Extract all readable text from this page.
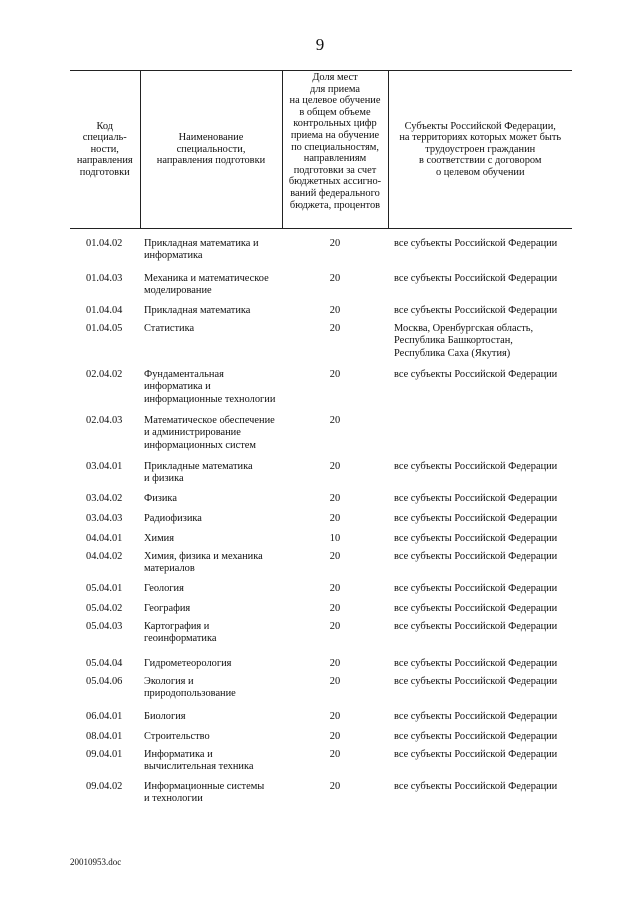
9
Код
специаль-
ности,
направления
подготовки	Наименование специальности,
направления подготовки	Доля мест
для приема
на целевое обучение
в общем объеме
контрольных цифр
приема на обучение
по специальностям,
направлениям
подготовки за счет
бюджетных ассигно-
ваний федерального
бюджета, процентов	Субъекты Российской Федерации,
на территориях которых может быть
трудоустроен гражданин
в соответствии с договором
о целевом обучении
01.04.02	Прикладная математика и
информатика	20	все субъекты Российской Федерации
01.04.03	Механика и математическое
моделирование	20	все субъекты Российской Федерации
01.04.04	Прикладная математика	20	все субъекты Российской Федерации
01.04.05	Статистика	20	Москва, Оренбургская область,
Республика Башкортостан,
Республика Саха (Якутия)
02.04.02	Фундаментальная
информатика и
информационные технологии	20	все субъекты Российской Федерации
02.04.03	Математическое обеспечение
и администрирование
информационных систем	20	
03.04.01	Прикладные математика
и физика	20	все субъекты Российской Федерации
03.04.02	Физика	20	все субъекты Российской Федерации
03.04.03	Радиофизика	20	все субъекты Российской Федерации
04.04.01	Химия	10	все субъекты Российской Федерации
04.04.02	Химия, физика и механика
материалов	20	все субъекты Российской Федерации
05.04.01	Геология	20	все субъекты Российской Федерации
05.04.02	География	20	все субъекты Российской Федерации
05.04.03	Картография и
геоинформатика	20	все субъекты Российской Федерации
05.04.04	Гидрометеорология	20	все субъекты Российской Федерации
05.04.06	Экология и
природопользование	20	все субъекты Российской Федерации
06.04.01	Биология	20	все субъекты Российской Федерации
08.04.01	Строительство	20	все субъекты Российской Федерации
09.04.01	Информатика и
вычислительная техника	20	все субъекты Российской Федерации
09.04.02	Информационные системы
и технологии	20	все субъекты Российской Федерации
20010953.doc
